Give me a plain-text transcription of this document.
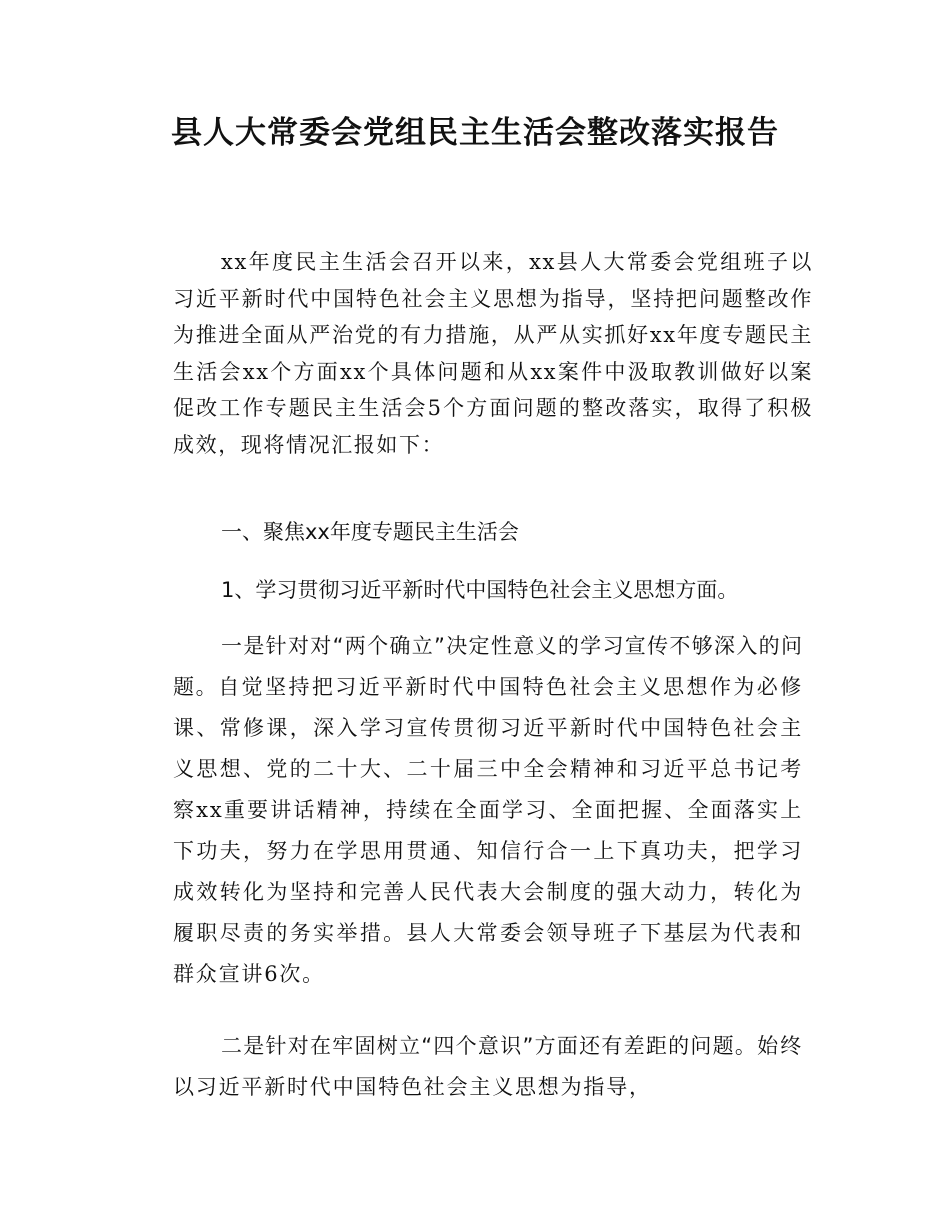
县人大常委会党组民主生活会整改落实报告

xx年度民主生活会召开以来，xx县人大常委会党组班子以习近平新时代中国特色社会主义思想为指导，坚持把问题整改作为推进全面从严治党的有力措施，从严从实抓好xx年度专题民主生活会xx个方面xx个具体问题和从xx案件中汲取教训做好以案促改工作专题民主生活会5个方面问题的整改落实，取得了积极成效，现将情况汇报如下：

一、聚焦xx年度专题民主生活会

1、学习贯彻习近平新时代中国特色社会主义思想方面。

一是针对对“两个确立”决定性意义的学习宣传不够深入的问题。自觉坚持把习近平新时代中国特色社会主义思想作为必修课、常修课，深入学习宣传贯彻习近平新时代中国特色社会主义思想、党的二十大、二十届三中全会精神和习近平总书记考察xx重要讲话精神，持续在全面学习、全面把握、全面落实上下功夫，努力在学思用贯通、知信行合一上下真功夫，把学习成效转化为坚持和完善人民代表大会制度的强大动力，转化为履职尽责的务实举措。县人大常委会领导班子下基层为代表和群众宣讲6次。

二是针对在牢固树立“四个意识”方面还有差距的问题。始终以习近平新时代中国特色社会主义思想为指导，
